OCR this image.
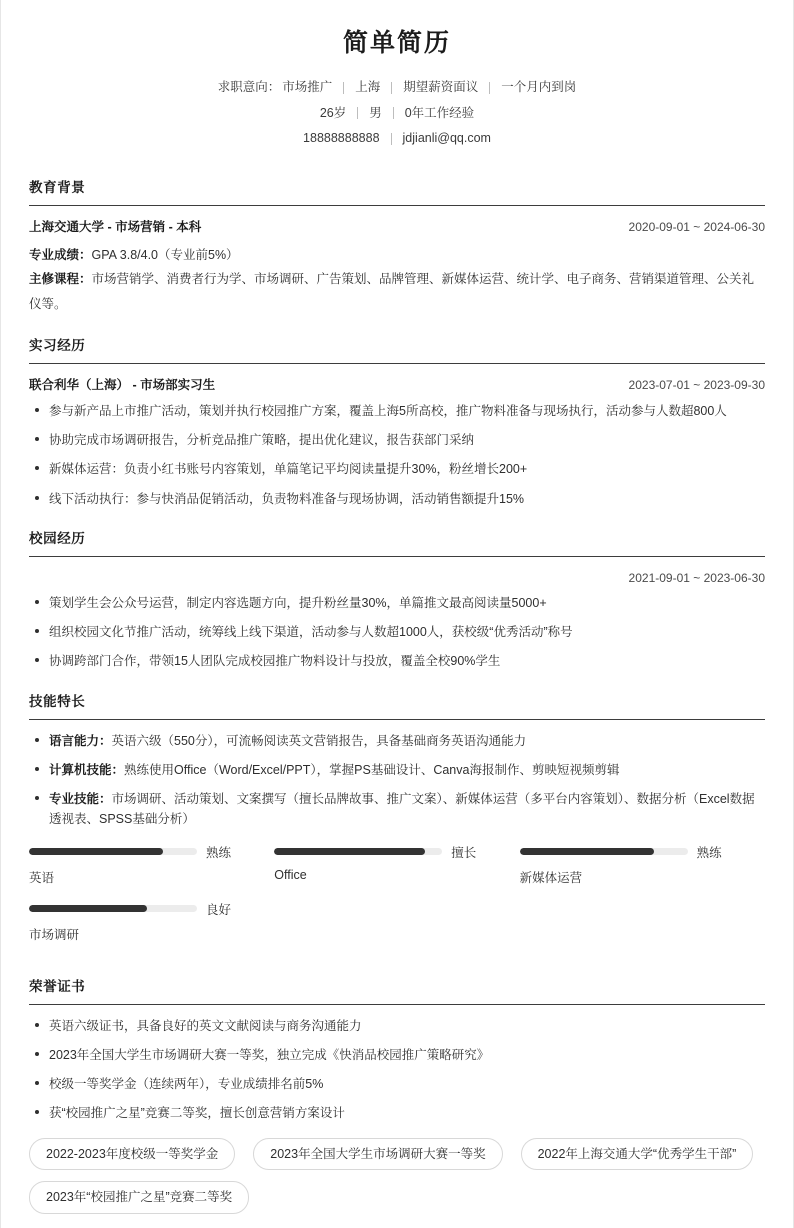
简单简历
求职意向： 市场推广 上海 期望薪资面议 一个月内到岗
26岁 男 0年工作经验
18888888888 jdjianli@qq.com
教育背景
上海交通大学 - 市场营销 - 本科	2020-09-01 ~ 2024-06-30
专业成绩：GPA 3.8/4.0（专业前5%）
主修课程：市场营销学、消费者行为学、市场调研、广告策划、品牌管理、新媒体运营、统计学、电子商务、营销渠道管理、公关礼仪等。
实习经历
联合利华（上海） - 市场部实习生	2023-07-01 ~ 2023-09-30
参与新产品上市推广活动，策划并执行校园推广方案，覆盖上海5所高校，推广物料准备与现场执行，活动参与人数超800人
协助完成市场调研报告，分析竞品推广策略，提出优化建议，报告获部门采纳
新媒体运营：负责小红书账号内容策划，单篇笔记平均阅读量提升30%，粉丝增长200+
线下活动执行：参与快消品促销活动，负责物料准备与现场协调，活动销售额提升15%
校园经历
2021-09-01 ~ 2023-06-30
策划学生会公众号运营，制定内容选题方向，提升粉丝量30%，单篇推文最高阅读量5000+
组织校园文化节推广活动，统筹线上线下渠道，活动参与人数超1000人，获校级“优秀活动”称号
协调跨部门合作，带领15人团队完成校园推广物料设计与投放，覆盖全校90%学生
技能特长
语言能力：英语六级（550分），可流畅阅读英文营销报告，具备基础商务英语沟通能力
计算机技能：熟练使用Office（Word/Excel/PPT），掌握PS基础设计、Canva海报制作、剪映短视频剪辑
专业技能：市场调研、活动策划、文案撰写（擅长品牌故事、推广文案）、新媒体运营（多平台内容策划）、数据分析（Excel数据透视表、SPSS基础分析）
熟练
英语
擅长
Office
熟练
新媒体运营
良好
市场调研
荣誉证书
英语六级证书，具备良好的英文文献阅读与商务沟通能力
2023年全国大学生市场调研大赛一等奖，独立完成《快消品校园推广策略研究》
校级一等奖学金（连续两年），专业成绩排名前5%
获“校园推广之星”竞赛二等奖，擅长创意营销方案设计
2022-2023年度校级一等奖学金	2023年全国大学生市场调研大赛一等奖	2022年上海交通大学“优秀学生干部”
2023年“校园推广之星”竞赛二等奖
